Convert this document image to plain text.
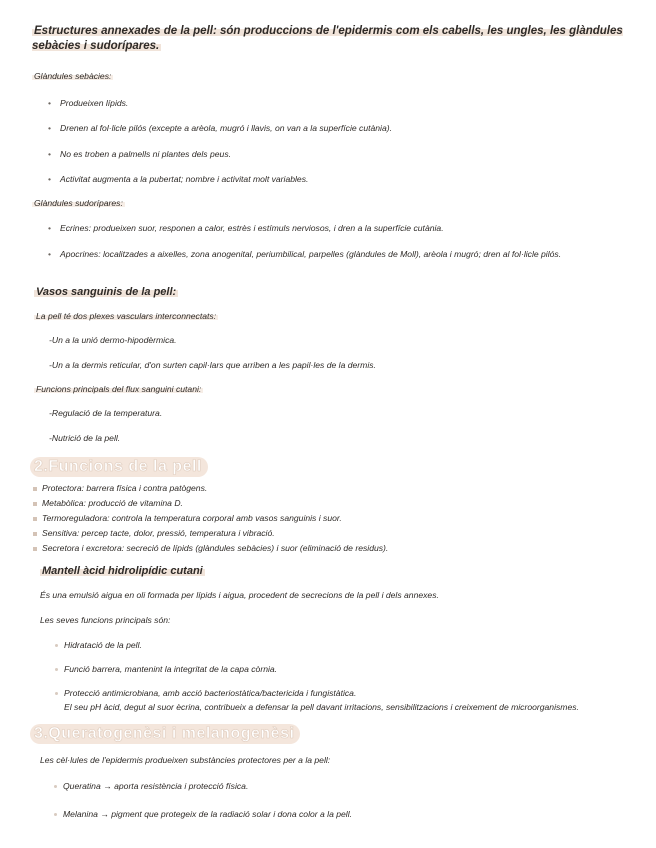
Estructures annexades de la pell: són produccions de l'epidermis com els cabells, les ungles, les glàndules sebàcies i sudorípares.
Glàndules sebàcies:
• Produeixen lípids.
• Drenen al fol·licle pilós (excepte a arèola, mugró i llavis, on van a la superfície cutània).
• No es troben a palmells ni plantes dels peus.
• Activitat augmenta a la pubertat; nombre i activitat molt variables.
Glàndules sudorípares:
• Ecrines: produeixen suor, responen a calor, estrès i estímuls nerviosos, i dren a la superfície cutània.
• Apocrines: localitzades a aixelles, zona anogenital, periumbilical, parpelles (glàndules de Moll), arèola i mugró; dren al fol·licle pilós.
Vasos sanguinis de la pell:
La pell té dos plexes vasculars interconnectats:
-Un a la unió dermo-hipodèrmica.
-Un a la dermis reticular, d'on surten capil·lars que arriben a les papil·les de la dermis.
Funcions principals del flux sanguini cutani:
-Regulació de la temperatura.
-Nutrició de la pell.
2.Funcions de la pell
Protectora: barrera física i contra patògens.
Metabòlica: producció de vitamina D.
Termoreguladora: controla la temperatura corporal amb vasos sanguinis i suor.
Sensitiva: percep tacte, dolor, pressió, temperatura i vibració.
Secretora i excretora: secreció de lípids (glàndules sebàcies) i suor (eliminació de residus).
Mantell àcid hidrolipídic cutani
És una emulsió aigua en oli formada per lípids i aigua, procedent de secrecions de la pell i dels annexes.
Les seves funcions principals són:
Hidratació de la pell.
Funció barrera, mantenint la integritat de la capa còrnia.
Protecció antimicrobiana, amb acció bacteriostàtica/bactericida i fungistàtica.
El seu pH àcid, degut al suor ècrina, contribueix a defensar la pell davant irritacions, sensibilitzacions i creixement de microorganismes.
3.Queratogenèsi i melanogenèsi
Les cèl·lules de l'epidermis produeixen substàncies protectores per a la pell:
Queratina → aporta resistència i protecció física.
Melanina → pigment que protegeix de la radiació solar i dona color a la pell.
